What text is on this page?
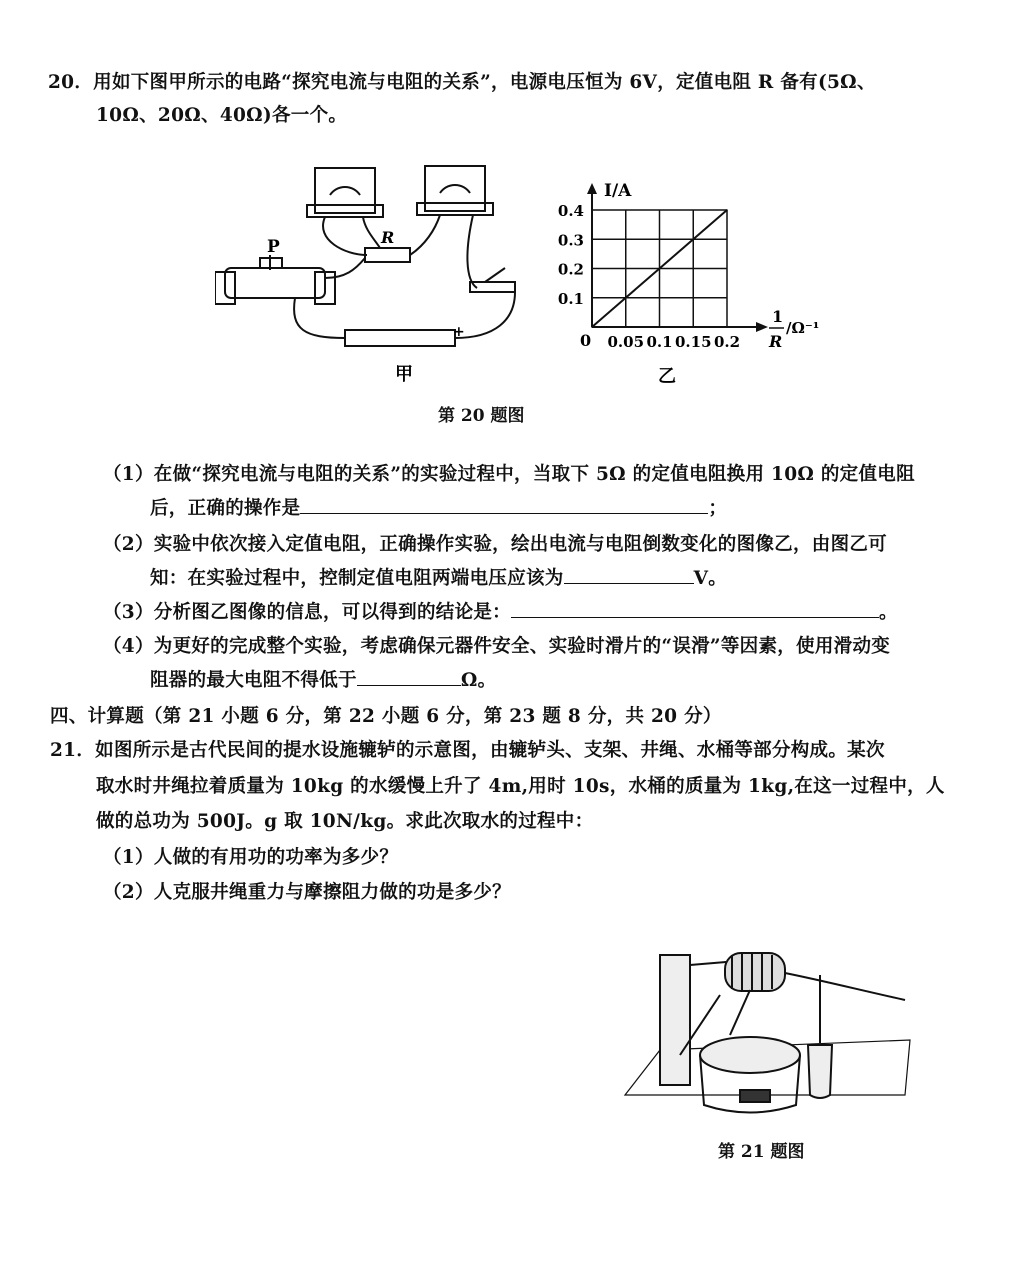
20．用如下图甲所示的电路“探究电流与电阻的关系”，电源电压恒为 6V，定值电阻 R 备有(5Ω、
10Ω、20Ω、40Ω)各一个。
P	R
+
甲
0.05 0.1 0.15 0.2
0.1
0.2
0.3
0.4
I/A
0
1
R
/Ω⁻¹
乙
第 20 题图
（1）在做“探究电流与电阻的关系”的实验过程中，当取下 5Ω 的定值电阻换用 10Ω 的定值电阻
后，正确的操作是	；
（2）实验中依次接入定值电阻，正确操作实验，绘出电流与电阻倒数变化的图像乙，由图乙可
知：在实验过程中，控制定值电阻两端电压应该为	V。
（3）分析图乙图像的信息，可以得到的结论是：	。
（4）为更好的完成整个实验，考虑确保元器件安全、实验时滑片的“误滑”等因素，使用滑动变
阻器的最大电阻不得低于	Ω。
四、计算题（第 21 小题 6 分，第 22 小题 6 分，第 23 题 8 分，共 20 分）
21．如图所示是古代民间的提水设施辘轳的示意图，由辘轳头、支架、井绳、水桶等部分构成。某次
取水时井绳拉着质量为 10kg 的水缓慢上升了 4m,用时 10s，水桶的质量为 1kg,在这一过程中，人
做的总功为 500J。g 取 10N/kg。求此次取水的过程中：
（1）人做的有用功的功率为多少？
（2）人克服井绳重力与摩擦阻力做的功是多少？
第 21 题图
